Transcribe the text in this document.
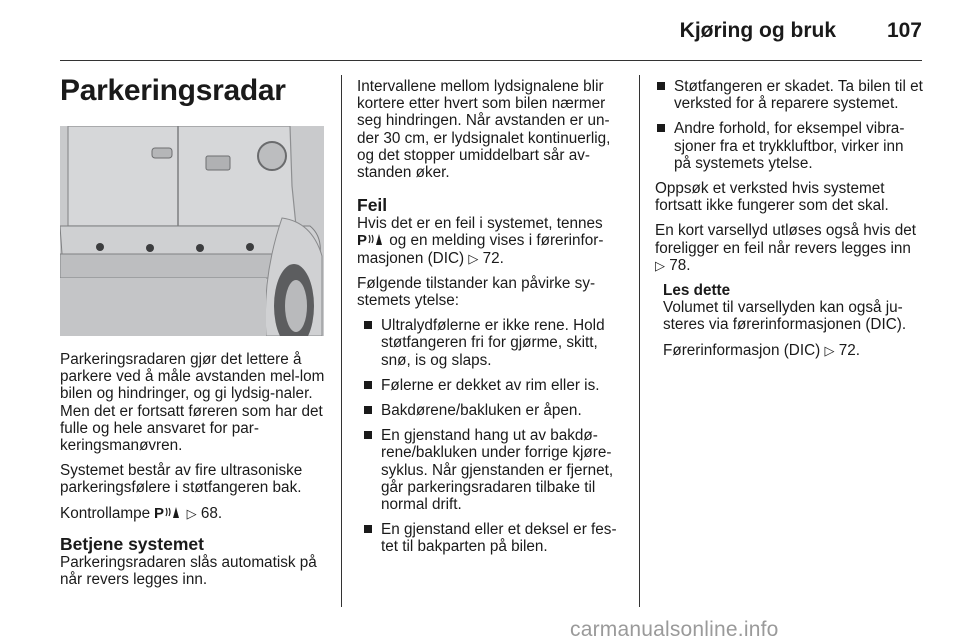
Kjøring og bruk 107
Parkeringsradar

Parkeringsradaren gjør det lettere å parkere ved å måle avstanden mel-lom bilen og hindringer, og gi lydsig-naler. Men det er fortsatt føreren som har det fulle og hele ansvaret for par-keringsmanøvren.

Systemet består av fire ultrasoniske parkeringsfølere i støtfangeren bak.

Kontrollampe P ▷ 68.

Betjene systemet

Parkeringsradaren slås automatisk på når revers legges inn.

Intervallene mellom lydsignalene blir kortere etter hvert som bilen nærmer seg hindringen. Når avstanden er un-der 30 cm, er lydsignalet kontinuerlig, og det stopper umiddelbart sår av-standen øker.

Feil

Hvis det er en feil i systemet, tennes
P og en melding vises i førerinfor-masjonen (DIC) ▷ 72.

Følgende tilstander kan påvirke sy-stemets ytelse:

Ultralydfølerne er ikke rene. Hold støtfangeren fri for gjørme, skitt, snø, is og slaps.
Følerne er dekket av rim eller is.
Bakdørene/bakluken er åpen.
En gjenstand hang ut av bakdø-rene/bakluken under forrige kjøre-syklus. Når gjenstanden er fjernet, går parkeringsradaren tilbake til normal drift.
En gjenstand eller et deksel er fes-tet til bakparten på bilen.
Støtfangeren er skadet. Ta bilen til et verksted for å reparere systemet.
Andre forhold, for eksempel vibra-sjoner fra et trykkluftbor, virker inn på systemets ytelse.

Oppsøk et verksted hvis systemet fortsatt ikke fungerer som det skal.

En kort varsellyd utløses også hvis det foreligger en feil når revers legges inn ▷ 78.

Les dette

Volumet til varsellyden kan også ju-steres via førerinformasjonen (DIC).

Førerinformasjon (DIC) ▷ 72.

carmanualsonline.info
